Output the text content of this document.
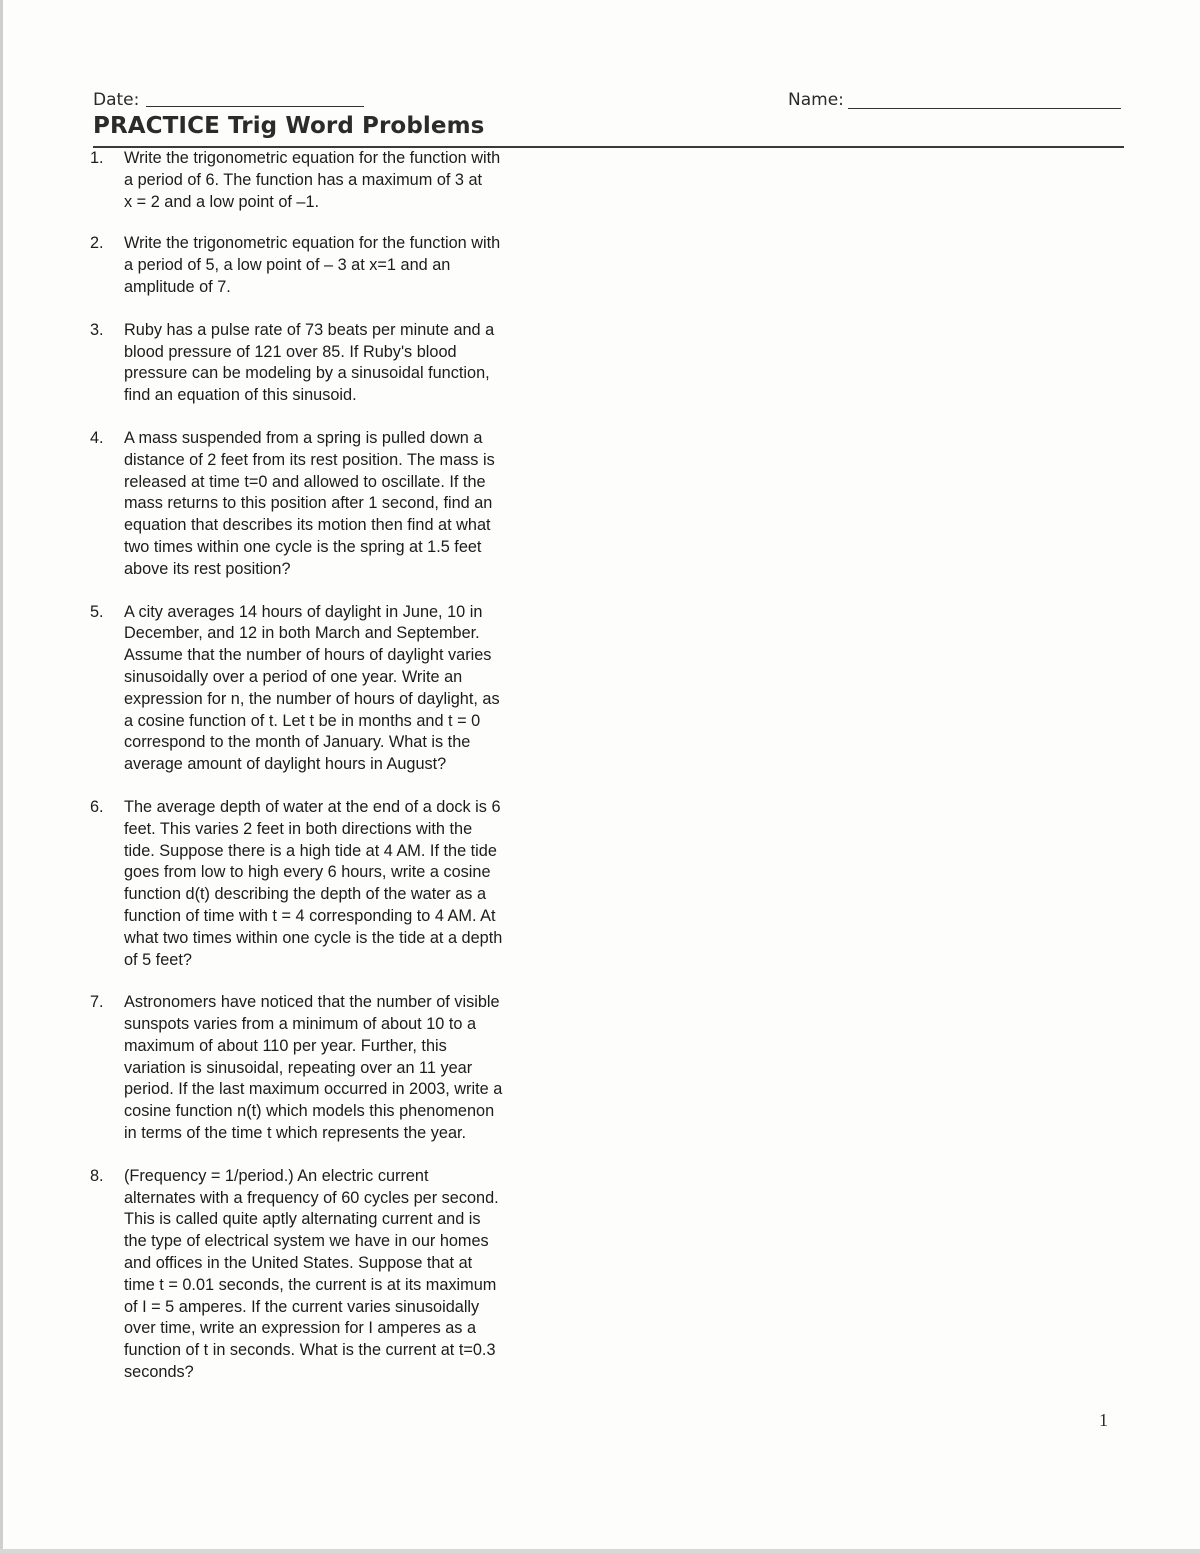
Date:	Name:
PRACTICE Trig Word Problems
1.	Write the trigonometric equation for the function with
a period of 6. The function has a maximum of 3 at
x = 2 and a low point of –1.
2.	Write the trigonometric equation for the function with
a period of 5, a low point of – 3 at x=1 and an
amplitude of 7.
3.	Ruby has a pulse rate of 73 beats per minute and a
blood pressure of 121 over 85. If Ruby's blood
pressure can be modeling by a sinusoidal function,
find an equation of this sinusoid.
4.	A mass suspended from a spring is pulled down a
distance of 2 feet from its rest position. The mass is
released at time t=0 and allowed to oscillate. If the
mass returns to this position after 1 second, find an
equation that describes its motion then find at what
two times within one cycle is the spring at 1.5 feet
above its rest position?
5.	A city averages 14 hours of daylight in June, 10 in
December, and 12 in both March and September.
Assume that the number of hours of daylight varies
sinusoidally over a period of one year. Write an
expression for n, the number of hours of daylight, as
a cosine function of t. Let t be in months and t = 0
correspond to the month of January. What is the
average amount of daylight hours in August?
6.	The average depth of water at the end of a dock is 6
feet. This varies 2 feet in both directions with the
tide. Suppose there is a high tide at 4 AM. If the tide
goes from low to high every 6 hours, write a cosine
function d(t) describing the depth of the water as a
function of time with t = 4 corresponding to 4 AM. At
what two times within one cycle is the tide at a depth
of 5 feet?
7.	Astronomers have noticed that the number of visible
sunspots varies from a minimum of about 10 to a
maximum of about 110 per year. Further, this
variation is sinusoidal, repeating over an 11 year
period. If the last maximum occurred in 2003, write a
cosine function n(t) which models this phenomenon
in terms of the time t which represents the year.
8.	(Frequency = 1/period.) An electric current
alternates with a frequency of 60 cycles per second.
This is called quite aptly alternating current and is
the type of electrical system we have in our homes
and offices in the United States. Suppose that at
time t = 0.01 seconds, the current is at its maximum
of I = 5 amperes. If the current varies sinusoidally
over time, write an expression for I amperes as a
function of t in seconds. What is the current at t=0.3
seconds?
1
